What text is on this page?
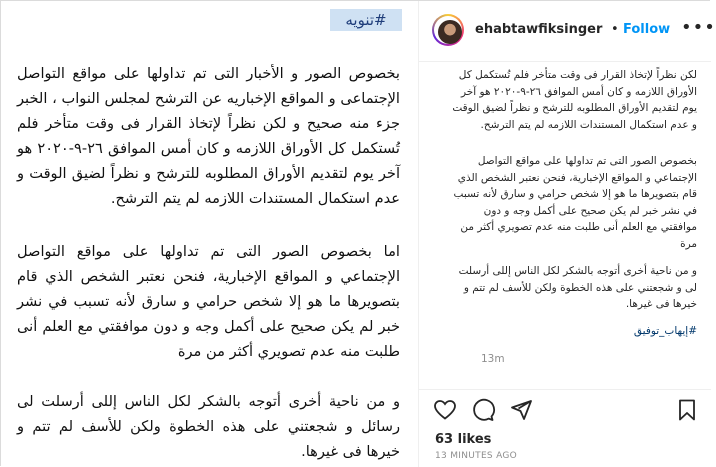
#تنويه

بخصوص الصور و الأخبار التى تم تداولها على مواقع التواصل الإجتماعى و المواقع الإخباريه عن الترشح لمجلس النواب ، الخبر جزء منه صحيح و لكن نظراً لإتخاذ القرار فى وقت متأخر فلم تُستكمل كل الأوراق اللازمه و كان أمس الموافق ٢٦-٩-٢٠٢٠ هو آخر يوم لتقديم الأوراق المطلوبه للترشح و نظراً لضيق الوقت و عدم استكمال المستندات اللازمه لم يتم الترشح.

اما بخصوص الصور التى تم تداولها على مواقع التواصل الإجتماعي و المواقع الإخبارية، فنحن نعتبر الشخص الذي قام بتصويرها ما هو إلا شخص حرامي و سارق لأنه تسبب في نشر خبر لم يكن صحيح على أكمل وجه و دون موافقتي مع العلم أنى طلبت منه عدم تصويري أكثر من مرة

و من ناحية أخرى أتوجه بالشكر لكل الناس إللى أرسلت لى رسائل و شجعتني على هذه الخطوة ولكن للأسف لم تتم و خيرها فى غيرها.

ehabtawfiksinger • Follow •••

لكن نظراً لإتخاذ القرار فى وقت متأخر فلم تُستكمل كل الأوراق اللازمه و كان أمس الموافق ٢٦-٩-٢٠٢٠ هو آخر يوم لتقديم الأوراق المطلوبه للترشح و نظراً لضيق الوقت و عدم استكمال المستندات اللازمه لم يتم الترشح.

بخصوص الصور التى تم تداولها على مواقع التواصل الإجتماعي و المواقع الإخبارية، فنحن نعتبر الشخص الذي قام بتصويرها ما هو إلا شخص حرامي و سارق لأنه تسبب في نشر خبر لم يكن صحيح على أكمل وجه و دون موافقتي مع العلم أنى طلبت منه عدم تصويري أكثر من مرة

و من ناحية أخرى أتوجه بالشكر لكل الناس إللى أرسلت لى و شجعتني على هذه الخطوة ولكن للأسف لم تتم و خيرها فى غيرها.

#إيهاب_توفيق

13m
63 likes
13 MINUTES AGO
